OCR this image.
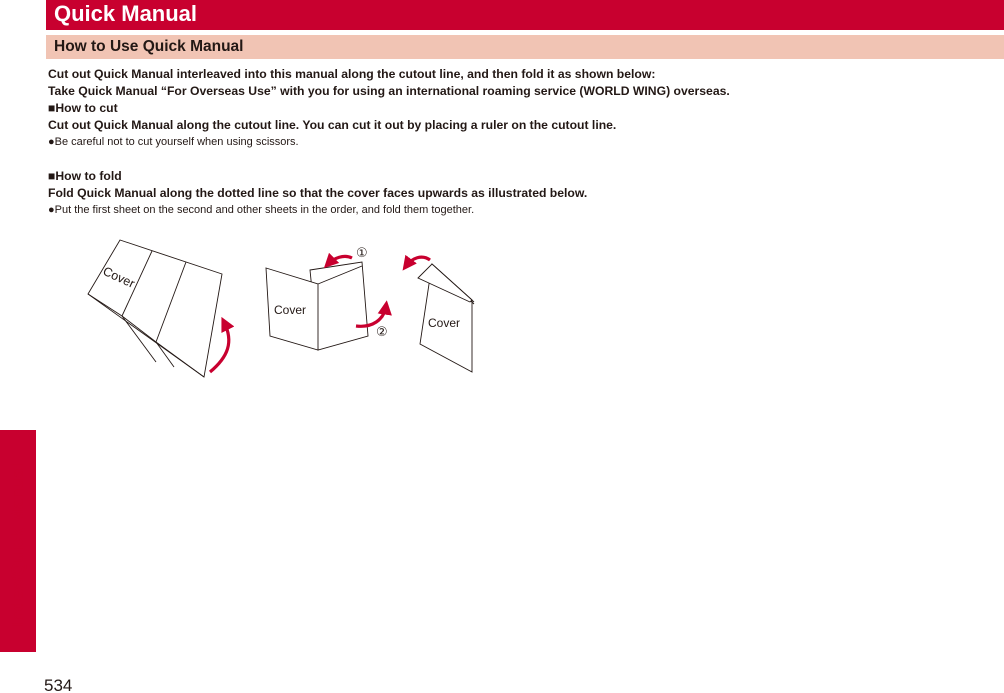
Index/Quick Manual
534
Quick Manual
How to Use Quick Manual
Cut out Quick Manual interleaved into this manual along the cutout line, and then fold it as shown below:
Take Quick Manual “For Overseas Use” with you for using an international roaming service (WORLD WING) overseas.
■How to cut
Cut out Quick Manual along the cutout line. You can cut it out by placing a ruler on the cutout line.
●Be careful not to cut yourself when using scissors.
■How to fold
Fold Quick Manual along the dotted line so that the cover faces upwards as illustrated below.
●Put the first sheet on the second and other sheets in the order, and fold them together.
Cover
Cover
①
②
Cover
